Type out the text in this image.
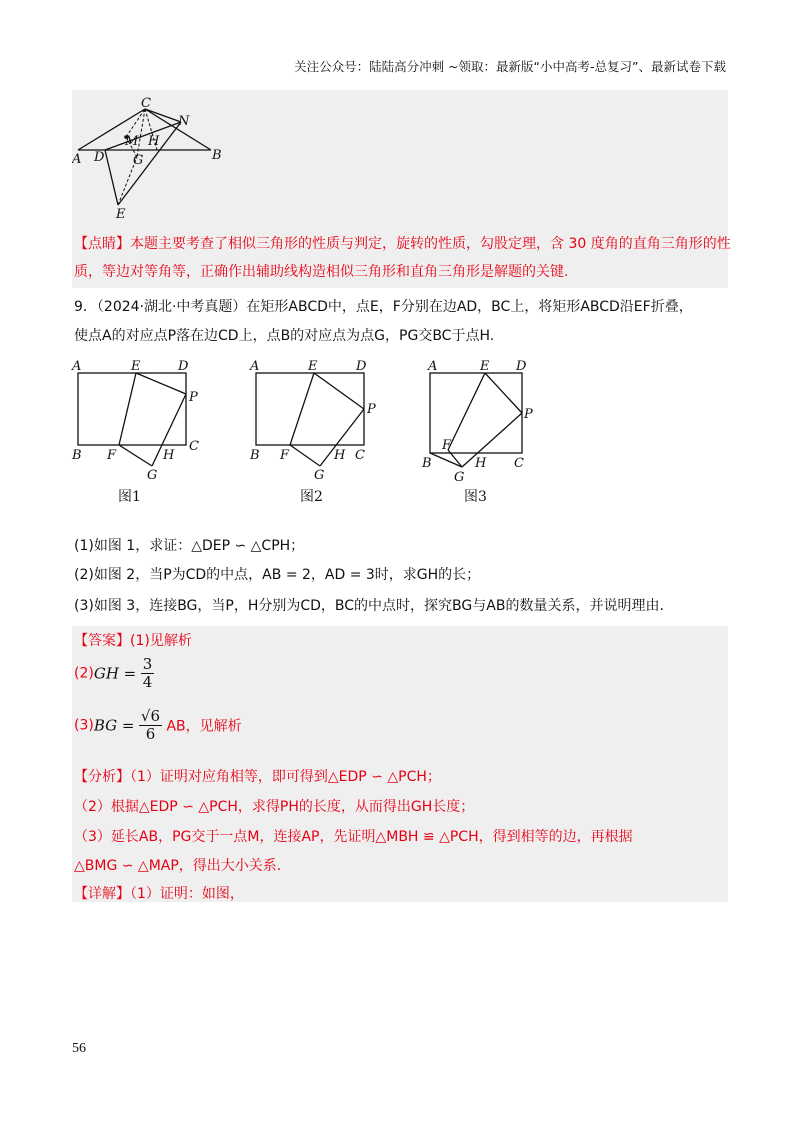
关注公众号：陆陆高分冲刺 ~领取：最新版“小中高考-总复习”、最新试卷下载
C
N
M H
A D G	B
E
【点睛】本题主要考查了相似三角形的性质与判定，旋转的性质，勾股定理，含 30 度角的直角三角形的性
质，等边对等角等，正确作出辅助线构造相似三角形和直角三角形是解题的关键.
9．（2024·湖北·中考真题）在矩形ABCD中，点E，F分别在边AD，BC上，将矩形ABCD沿EF折叠，
使点A的对应点P落在边CD上，点B的对应点为点G，PG交BC于点H.
A	E	D
P
B F	H
C
G
图1
A	E	D
P
B F	H C
G
图2
A	E D
P
F
B
G
H C
图3
(1)如图 1，求证：△DEP ∽ △CPH；
(2)如图 2，当P为CD的中点，AB = 2，AD = 3时，求GH的长；
(3)如图 3，连接BG，当P，H分别为CD，BC的中点时，探究BG与AB的数量关系，并说明理由.
【答案】(1)见解析
$(2)GH = \frac{3}{4}$
$(3)BG = \frac{√6}{6}$ AB，见解析
【分析】（1）证明对应角相等，即可得到△EDP ∽ △PCH；
（2）根据△EDP ∽ △PCH，求得PH的长度，从而得出GH长度；
（3）延长AB，PG交于一点M，连接AP，先证明△MBH ≌ △PCH，得到相等的边，再根据
△BMG ∽ △MAP，得出大小关系.
【详解】（1）证明：如图，
56
